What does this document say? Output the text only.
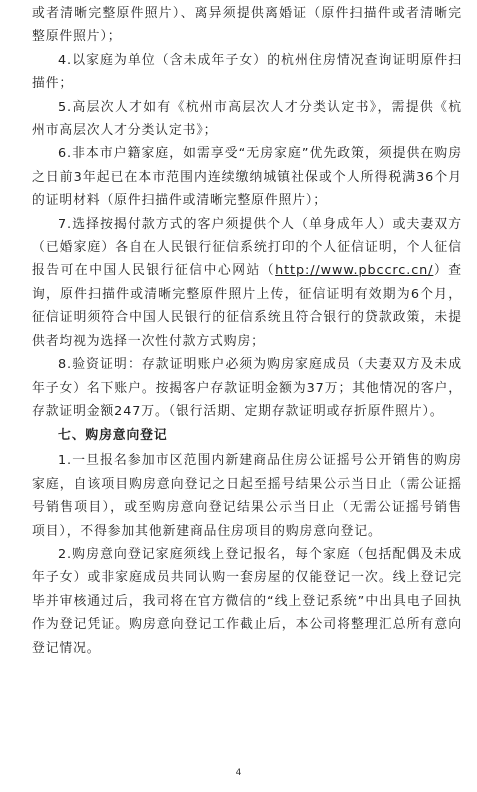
或者清晰完整原件照片）、离异须提供离婚证（原件扫描件或者清晰完整原件照片）；

4.以家庭为单位（含未成年子女）的杭州住房情况查询证明原件扫描件；

5.高层次人才如有《杭州市高层次人才分类认定书》，需提供《杭州市高层次人才分类认定书》；

6.非本市户籍家庭，如需享受“无房家庭”优先政策，须提供在购房之日前3年起已在本市范围内连续缴纳城镇社保或个人所得税满36个月的证明材料（原件扫描件或清晰完整原件照片）；

7.选择按揭付款方式的客户须提供个人（单身成年人）或夫妻双方（已婚家庭）各自在人民银行征信系统打印的个人征信证明，个人征信报告可在中国人民银行征信中心网站（http://www.pbccrc.cn/）查询，原件扫描件或清晰完整原件照片上传，征信证明有效期为6个月，征信证明须符合中国人民银行的征信系统且符合银行的贷款政策，未提供者均视为选择一次性付款方式购房；

8.验资证明：存款证明账户必须为购房家庭成员（夫妻双方及未成年子女）名下账户。按揭客户存款证明金额为37万；其他情况的客户，存款证明金额247万。（银行活期、定期存款证明或存折原件照片）。

七、购房意向登记

1.一旦报名参加市区范围内新建商品住房公证摇号公开销售的购房家庭，自该项目购房意向登记之日起至摇号结果公示当日止（需公证摇号销售项目），或至购房意向登记结果公示当日止（无需公证摇号销售项目），不得参加其他新建商品住房项目的购房意向登记。

2.购房意向登记家庭须线上登记报名，每个家庭（包括配偶及未成年子女）或非家庭成员共同认购一套房屋的仅能登记一次。线上登记完毕并审核通过后，我司将在官方微信的“线上登记系统”中出具电子回执作为登记凭证。购房意向登记工作截止后，本公司将整理汇总所有意向登记情况。

4
